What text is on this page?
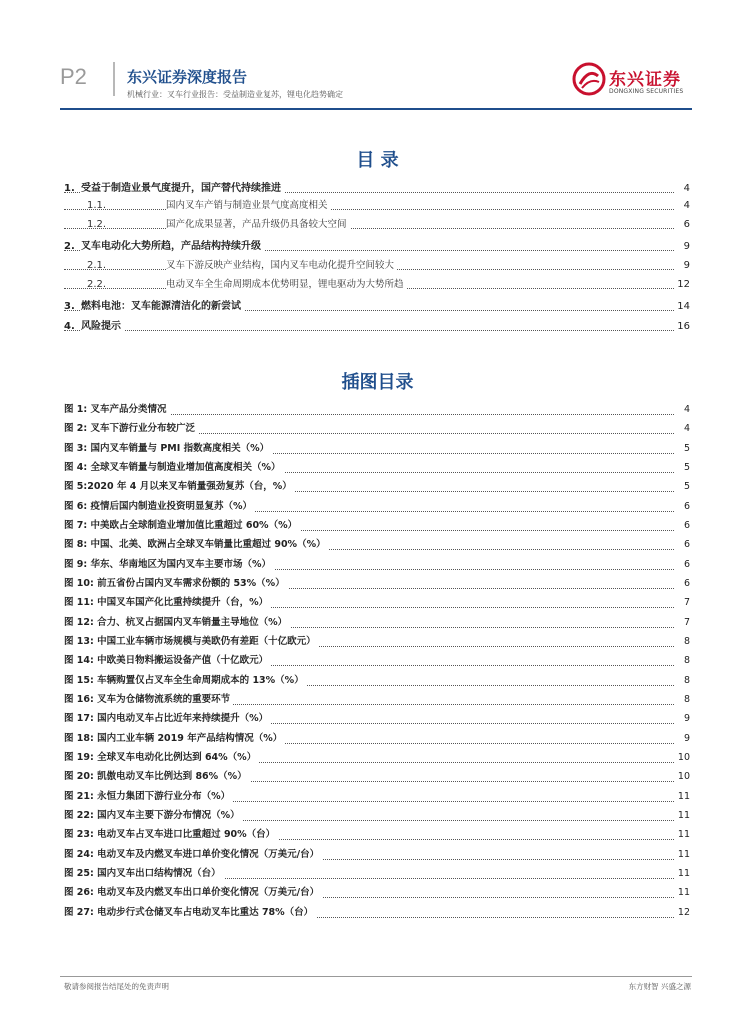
P2	东兴证券深度报告
机械行业：叉车行业报告：受益制造业复苏，锂电化趋势确定
东兴证券
DONGXING SECURITIES
目 录
1. 受益于制造业景气度提升，国产替代持续推进	4
1.1.	国内叉车产销与制造业景气度高度相关	4
1.2.	国产化成果显著，产品升级仍具备较大空间	6
2. 叉车电动化大势所趋，产品结构持续升级	9
2.1.	叉车下游反映产业结构，国内叉车电动化提升空间较大	9
2.2.	电动叉车全生命周期成本优势明显，锂电驱动为大势所趋	12
3. 燃料电池：叉车能源清洁化的新尝试	14
4. 风险提示	16
插图目录
图 1: 叉车产品分类情况	4
图 2: 叉车下游行业分布较广泛	4
图 3: 国内叉车销量与 PMI 指数高度相关（%）	5
图 4: 全球叉车销量与制造业增加值高度相关（%）	5
图 5:2020 年 4 月以来叉车销量强劲复苏（台，%）	5
图 6: 疫情后国内制造业投资明显复苏（%）	6
图 7: 中美欧占全球制造业增加值比重超过 60%（%）	6
图 8: 中国、北美、欧洲占全球叉车销量比重超过 90%（%）	6
图 9: 华东、华南地区为国内叉车主要市场（%）	6
图 10: 前五省份占国内叉车需求份额的 53%（%）	6
图 11: 中国叉车国产化比重持续提升（台，%）	7
图 12: 合力、杭叉占据国内叉车销量主导地位（%）	7
图 13: 中国工业车辆市场规模与美欧仍有差距（十亿欧元）	8
图 14: 中欧美日物料搬运设备产值（十亿欧元）	8
图 15: 车辆购置仅占叉车全生命周期成本的 13%（%）	8
图 16: 叉车为仓储物流系统的重要环节	8
图 17: 国内电动叉车占比近年来持续提升（%）	9
图 18: 国内工业车辆 2019 年产品结构情况（%）	9
图 19: 全球叉车电动化比例达到 64%（%）	10
图 20: 凯傲电动叉车比例达到 86%（%）	10
图 21: 永恒力集团下游行业分布（%）	11
图 22: 国内叉车主要下游分布情况（%）	11
图 23: 电动叉车占叉车进口比重超过 90%（台）	11
图 24: 电动叉车及内燃叉车进口单价变化情况（万美元/台）	11
图 25: 国内叉车出口结构情况（台）	11
图 26: 电动叉车及内燃叉车出口单价变化情况（万美元/台）	11
图 27: 电动步行式仓储叉车占电动叉车比重达 78%（台）	12
敬请参阅报告结尾处的免责声明	东方财智 兴盛之源
